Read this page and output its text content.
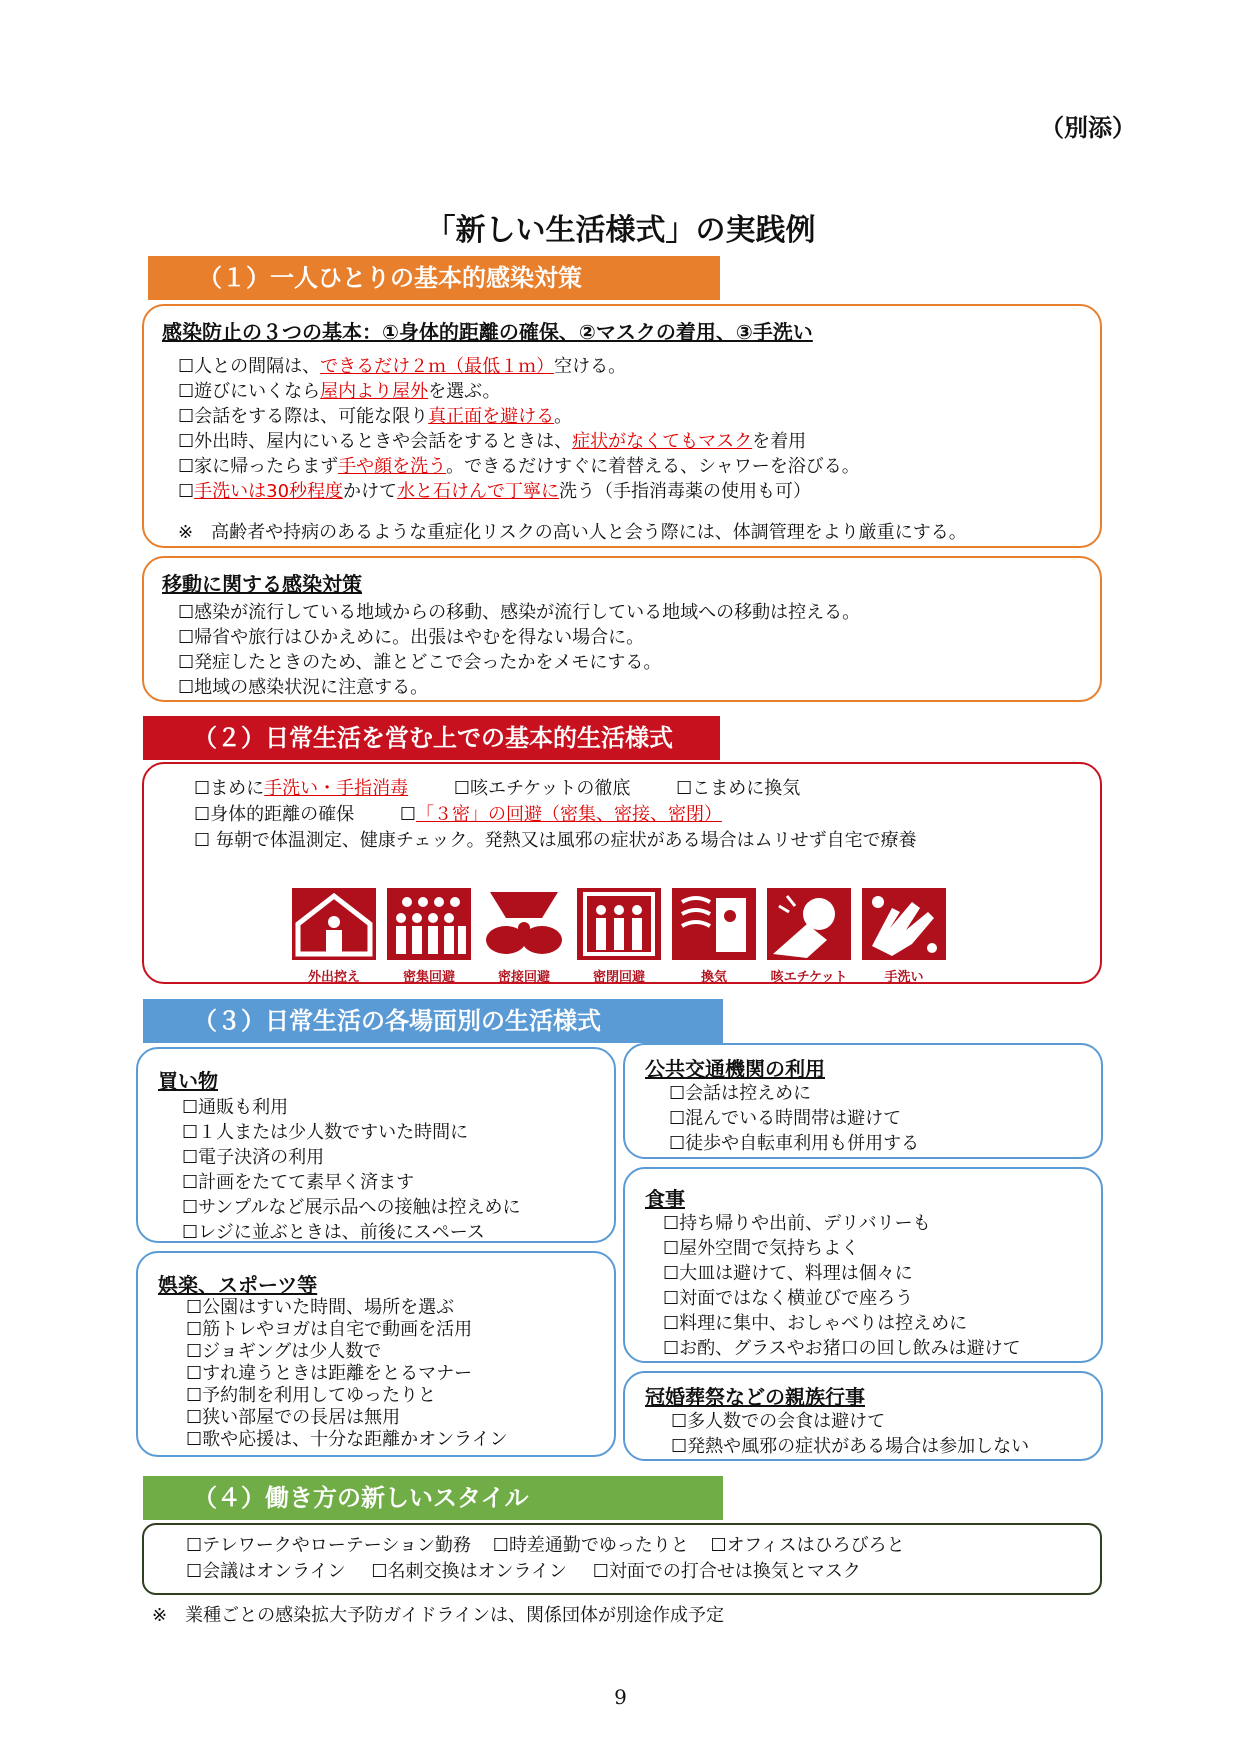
（別添）
「新しい生活様式」の実践例
（１）一人ひとりの基本的感染対策
感染防止の３つの基本：①身体的距離の確保、②マスクの着用、③手洗い
☐ 人との間隔は、できるだけ２ｍ（最低１ｍ）空ける。
☐ 遊びにいくなら屋内より屋外を選ぶ。
☐ 会話をする際は、可能な限り真正面を避ける。
☐ 外出時、屋内にいるときや会話をするときは、症状がなくてもマスクを着用
☐ 家に帰ったらまず手や顔を洗う。できるだけすぐに着替える、シャワーを浴びる。
☐ 手洗いは30秒程度かけて水と石けんで丁寧に洗う（手指消毒薬の使用も可）
※　高齢者や持病のあるような重症化リスクの高い人と会う際には、体調管理をより厳重にする。
移動に関する感染対策
☐ 感染が流行している地域からの移動、感染が流行している地域への移動は控える。
☐ 帰省や旅行はひかえめに。出張はやむを得ない場合に。
☐ 発症したときのため、誰とどこで会ったかをメモにする。
☐ 地域の感染状況に注意する。
（２）日常生活を営む上での基本的生活様式
☐ まめに手洗い・手指消毒	☐ 咳エチケットの徹底	☐ こまめに換気
☐ 身体的距離の確保	☐ 「３密」の回避（密集、密接、密閉）
☐ 毎朝で体温測定、健康チェック。発熱又は風邪の症状がある場合はムリせず自宅で療養
外出控え	密集回避	密接回避	密閉回避	換気	咳エチケット	手洗い
（３）日常生活の各場面別の生活様式
買い物
☐ 通販も利用
☐ １人または少人数ですいた時間に
☐ 電子決済の利用
☐ 計画をたてて素早く済ます
☐ サンプルなど展示品への接触は控えめに
☐ レジに並ぶときは、前後にスペース
娯楽、スポーツ等
☐ 公園はすいた時間、場所を選ぶ
☐ 筋トレやヨガは自宅で動画を活用
☐ ジョギングは少人数で
☐ すれ違うときは距離をとるマナー
☐ 予約制を利用してゆったりと
☐ 狭い部屋での長居は無用
☐ 歌や応援は、十分な距離かオンライン
公共交通機関の利用
☐ 会話は控えめに
☐ 混んでいる時間帯は避けて
☐ 徒歩や自転車利用も併用する
食事
☐ 持ち帰りや出前、デリバリーも
☐ 屋外空間で気持ちよく
☐ 大皿は避けて、料理は個々に
☐ 対面ではなく横並びで座ろう
☐ 料理に集中、おしゃべりは控えめに
☐ お酌、グラスやお猪口の回し飲みは避けて
冠婚葬祭などの親族行事
☐ 多人数での会食は避けて
☐ 発熱や風邪の症状がある場合は参加しない
（４）働き方の新しいスタイル
☐ テレワークやローテーション勤務 ☐ 時差通勤でゆったりと ☐ オフィスはひろびろと
☐ 会議はオンライン ☐ 名刺交換はオンライン ☐ 対面での打合せは換気とマスク
※　業種ごとの感染拡大予防ガイドラインは、関係団体が別途作成予定
9
